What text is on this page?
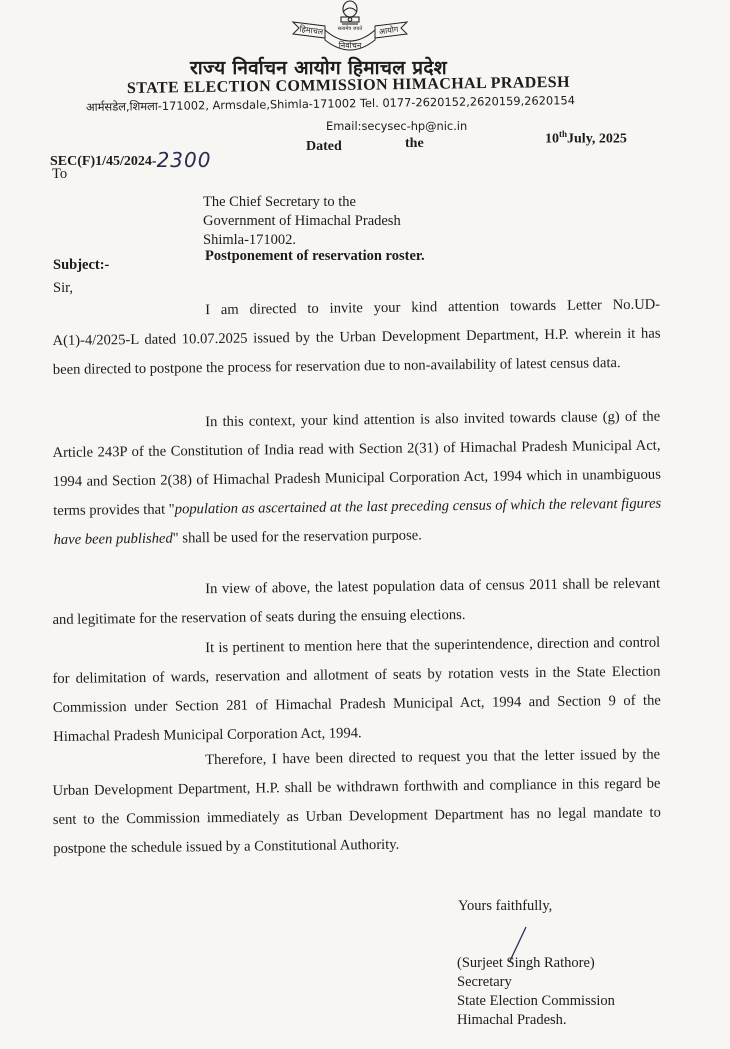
सत्यमेव जयते
हिमाचल	आयोग
निर्वाचन
राज्य निर्वाचन आयोग हिमाचल प्रदेश
STATE ELECTION COMMISSION HIMACHAL PRADESH
आर्मसडेल,शिमला-171002, Armsdale,Shimla-171002 Tel. 0177-2620152,2620159,2620154
Email:secysec-hp@nic.in
SEC(F)1/45/2024-2300
Dated	the	10thJuly, 2025
To
The Chief Secretary to the
Government of Himachal Pradesh
Shimla-171002.
Subject:-
Postponement of reservation roster.
Sir,
I am directed to invite your kind attention towards Letter No.UD-A(1)-4/2025-L dated 10.07.2025 issued by the Urban Development Department, H.P. wherein it has been directed to postpone the process for reservation due to non-availability of latest census data.
In this context, your kind attention is also invited towards clause (g) of the Article 243P of the Constitution of India read with Section 2(31) of Himachal Pradesh Municipal Act, 1994 and Section 2(38) of Himachal Pradesh Municipal Corporation Act, 1994 which in unambiguous terms provides that "population as ascertained at the last preceding census of which the relevant figures have been published" shall be used for the reservation purpose.
In view of above, the latest population data of census 2011 shall be relevant and legitimate for the reservation of seats during the ensuing elections.
It is pertinent to mention here that the superintendence, direction and control for delimitation of wards, reservation and allotment of seats by rotation vests in the State Election Commission under Section 281 of Himachal Pradesh Municipal Act, 1994 and Section 9 of the Himachal Pradesh Municipal Corporation Act, 1994.
Therefore, I have been directed to request you that the letter issued by the Urban Development Department, H.P. shall be withdrawn forthwith and compliance in this regard be sent to the Commission immediately as Urban Development Department has no legal mandate to postpone the schedule issued by a Constitutional Authority.
Yours faithfully,
(Surjeet Singh Rathore)
Secretary
State Election Commission
Himachal Pradesh.
